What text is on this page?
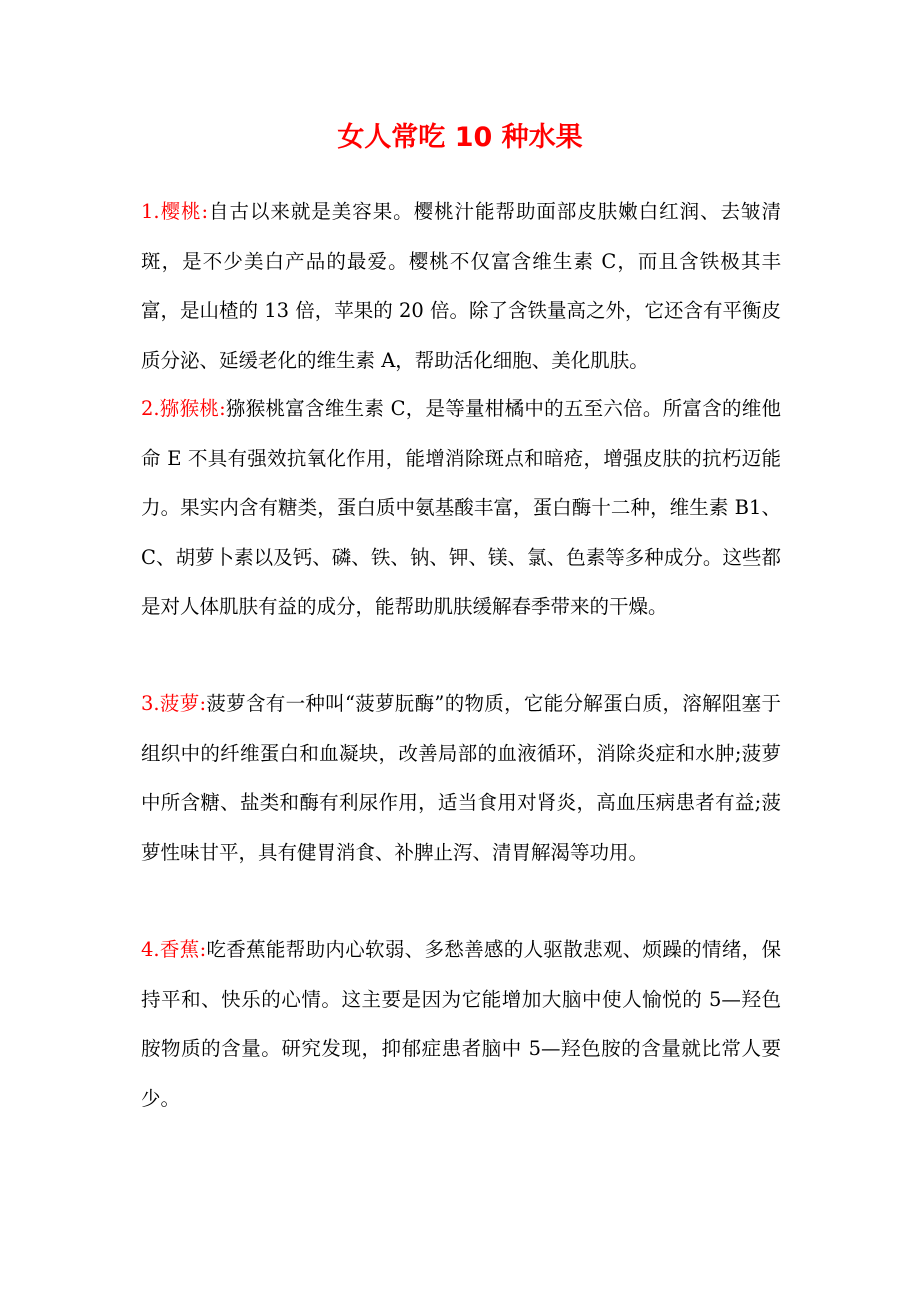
女人常吃 10 种水果

1.樱桃:自古以来就是美容果。樱桃汁能帮助面部皮肤嫩白红润、去皱清斑，是不少美白产品的最爱。樱桃不仅富含维生素 C，而且含铁极其丰富，是山楂的 13 倍，苹果的 20 倍。除了含铁量高之外，它还含有平衡皮质分泌、延缓老化的维生素 A，帮助活化细胞、美化肌肤。

2.猕猴桃:猕猴桃富含维生素 C，是等量柑橘中的五至六倍。所富含的维他命 E 不具有强效抗氧化作用，能增消除斑点和暗疮，增强皮肤的抗朽迈能力。果实内含有糖类，蛋白质中氨基酸丰富，蛋白酶十二种，维生素 B1、C、胡萝卜素以及钙、磷、铁、钠、钾、镁、氯、色素等多种成分。这些都是对人体肌肤有益的成分，能帮助肌肤缓解春季带来的干燥。

3.菠萝:菠萝含有一种叫“菠萝朊酶”的物质，它能分解蛋白质，溶解阻塞于组织中的纤维蛋白和血凝块，改善局部的血液循环，消除炎症和水肿;菠萝中所含糖、盐类和酶有利尿作用，适当食用对肾炎，高血压病患者有益;菠萝性味甘平，具有健胃消食、补脾止泻、清胃解渴等功用。

4.香蕉:吃香蕉能帮助内心软弱、多愁善感的人驱散悲观、烦躁的情绪，保持平和、快乐的心情。这主要是因为它能增加大脑中使人愉悦的 5—羟色胺物质的含量。研究发现，抑郁症患者脑中 5—羟色胺的含量就比常人要少。
